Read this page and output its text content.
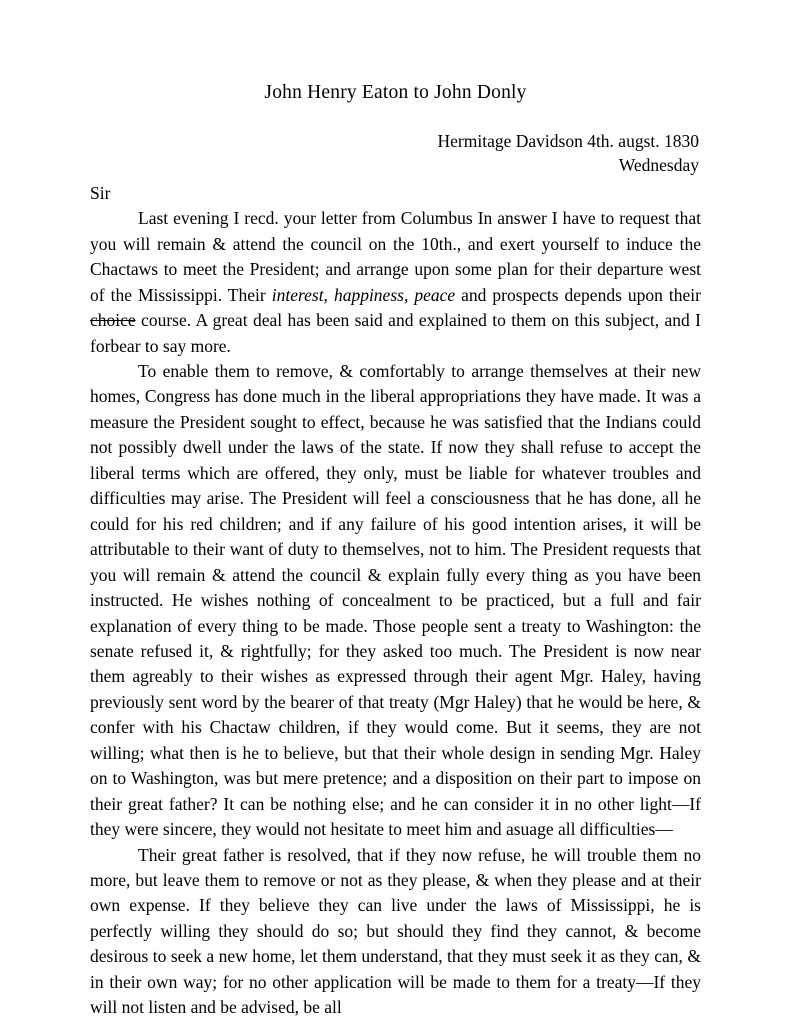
John Henry Eaton to John Donly
Hermitage Davidson 4th. augst. 1830
Wednesday
Sir

Last evening I recd. your letter from Columbus In answer I have to request that you will remain & attend the council on the 10th., and exert yourself to induce the Chactaws to meet the President; and arrange upon some plan for their departure west of the Mississippi. Their interest, happiness, peace and prospects depends upon their choice course. A great deal has been said and explained to them on this subject, and I forbear to say more.

To enable them to remove, & comfortably to arrange themselves at their new homes, Congress has done much in the liberal appropriations they have made. It was a measure the President sought to effect, because he was satisfied that the Indians could not possibly dwell under the laws of the state. If now they shall refuse to accept the liberal terms which are offered, they only, must be liable for whatever troubles and difficulties may arise. The President will feel a consciousness that he has done, all he could for his red children; and if any failure of his good intention arises, it will be attributable to their want of duty to themselves, not to him. The President requests that you will remain & attend the council & explain fully every thing as you have been instructed. He wishes nothing of concealment to be practiced, but a full and fair explanation of every thing to be made. Those people sent a treaty to Washington: the senate refused it, & rightfully; for they asked too much. The President is now near them agreably to their wishes as expressed through their agent Mgr. Haley, having previously sent word by the bearer of that treaty (Mgr Haley) that he would be here, & confer with his Chactaw children, if they would come. But it seems, they are not willing; what then is he to believe, but that their whole design in sending Mgr. Haley on to Washington, was but mere pretence; and a disposition on their part to impose on their great father? It can be nothing else; and he can consider it in no other light—If they were sincere, they would not hesitate to meet him and asuage all difficulties—

Their great father is resolved, that if they now refuse, he will trouble them no more, but leave them to remove or not as they please, & when they please and at their own expense. If they believe they can live under the laws of Mississippi, he is perfectly willing they should do so; but should they find they cannot, & become desirous to seek a new home, let them understand, that they must seek it as they can, & in their own way; for no other application will be made to them for a treaty—If they will not listen and be advised, be all
